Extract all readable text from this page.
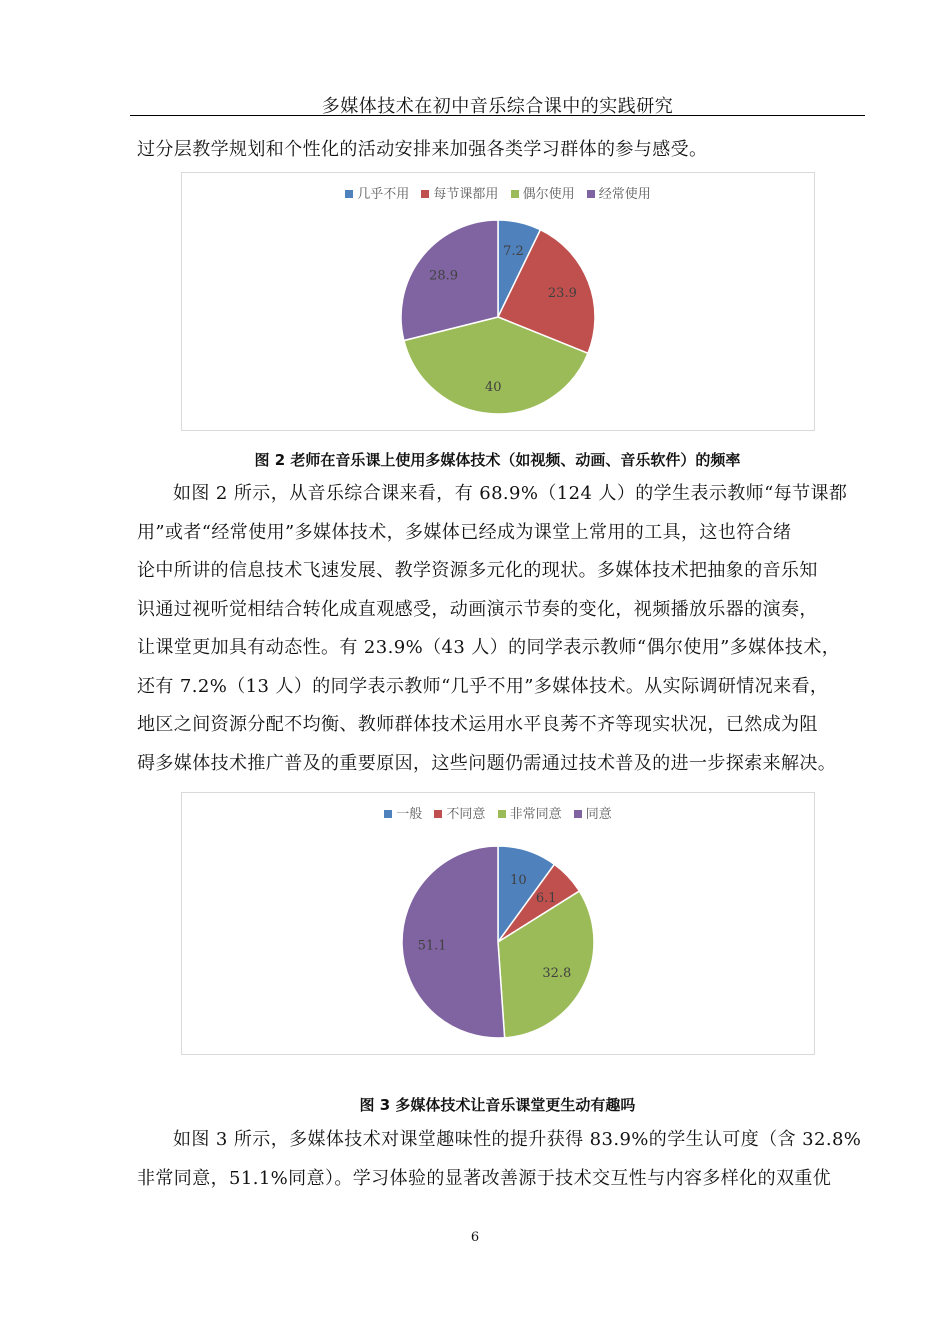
多媒体技术在初中音乐综合课中的实践研究
过分层教学规划和个性化的活动安排来加强各类学习群体的参与感受。
几乎不用 每节课都用 偶尔使用 经常使用
7.2
23.9
40
28.9
图 2 老师在音乐课上使用多媒体技术（如视频、动画、音乐软件）的频率
如图 2 所示，从音乐综合课来看，有 68.9%（124 人）的学生表示教师“每节课都
用”或者“经常使用”多媒体技术，多媒体已经成为课堂上常用的工具，这也符合绪
论中所讲的信息技术飞速发展、教学资源多元化的现状。多媒体技术把抽象的音乐知
识通过视听觉相结合转化成直观感受，动画演示节奏的变化，视频播放乐器的演奏，
让课堂更加具有动态性。有 23.9%（43 人）的同学表示教师“偶尔使用”多媒体技术，
还有 7.2%（13 人）的同学表示教师“几乎不用”多媒体技术。从实际调研情况来看，
地区之间资源分配不均衡、教师群体技术运用水平良莠不齐等现实状况，已然成为阻
碍多媒体技术推广普及的重要原因，这些问题仍需通过技术普及的进一步探索来解决。
一般 不同意 非常同意 同意
10
6.1
32.8
51.1
图 3 多媒体技术让音乐课堂更生动有趣吗
如图 3 所示，多媒体技术对课堂趣味性的提升获得 83.9%的学生认可度（含 32.8%
非常同意，51.1%同意）。学习体验的显著改善源于技术交互性与内容多样化的双重优
6
